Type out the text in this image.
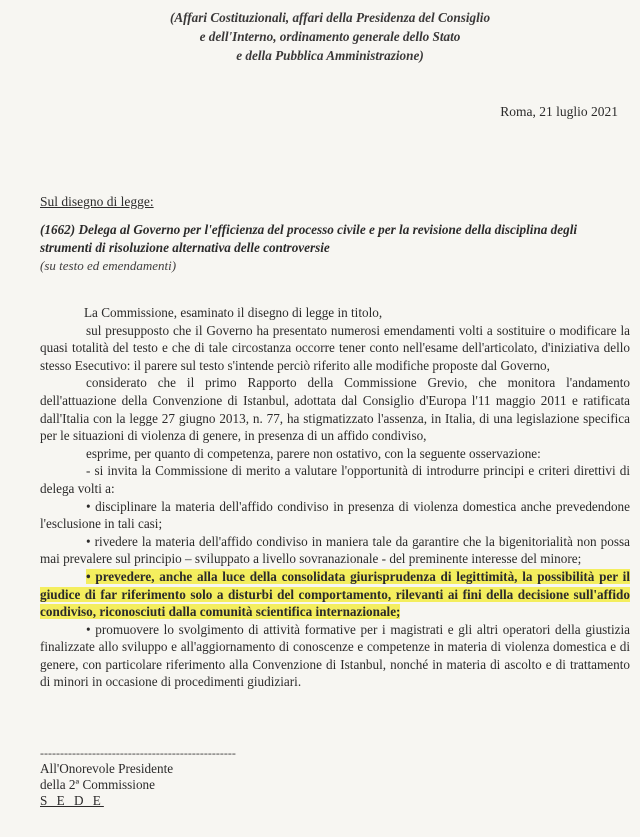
(Affari Costituzionali, affari della Presidenza del Consiglio
e dell'Interno, ordinamento generale dello Stato
e della Pubblica Amministrazione)
Roma, 21 luglio 2021
Sul disegno di legge:
(1662) Delega al Governo per l'efficienza del processo civile e per la revisione della disciplina degli strumenti di risoluzione alternativa delle controversie
(su testo ed emendamenti)

La Commissione, esaminato il disegno di legge in titolo,

sul presupposto che il Governo ha presentato numerosi emendamenti volti a sostituire o modificare la quasi totalità del testo e che di tale circostanza occorre tener conto nell'esame dell'articolato, d'iniziativa dello stesso Esecutivo: il parere sul testo s'intende perciò riferito alle modifiche proposte dal Governo,

considerato che il primo Rapporto della Commissione Grevio, che monitora l'andamento dell'attuazione della Convenzione di Istanbul, adottata dal Consiglio d'Europa l'11 maggio 2011 e ratificata dall'Italia con la legge 27 giugno 2013, n. 77, ha stigmatizzato l'assenza, in Italia, di una legislazione specifica per le situazioni di violenza di genere, in presenza di un affido condiviso,

esprime, per quanto di competenza, parere non ostativo, con la seguente osservazione:

- si invita la Commissione di merito a valutare l'opportunità di introdurre principi e criteri direttivi di delega volti a:

• disciplinare la materia dell'affido condiviso in presenza di violenza domestica anche prevedendone l'esclusione in tali casi;

• rivedere la materia dell'affido condiviso in maniera tale da garantire che la bigenitorialità non possa mai prevalere sul principio – sviluppato a livello sovranazionale - del preminente interesse del minore;

• prevedere, anche alla luce della consolidata giurisprudenza di legittimità, la possibilità per il giudice di far riferimento solo a disturbi del comportamento, rilevanti ai fini della decisione sull'affido condiviso, riconosciuti dalla comunità scientifica internazionale;

• promuovere lo svolgimento di attività formative per i magistrati e gli altri operatori della giustizia finalizzate allo sviluppo e all'aggiornamento di conoscenze e competenze in materia di violenza domestica e di genere, con particolare riferimento alla Convenzione di Istanbul, nonché in materia di ascolto e di trattamento di minori in occasione di procedimenti giudiziari.

-------------------------------------------------
All'Onorevole Presidente
della 2ª Commissione
S E D E
